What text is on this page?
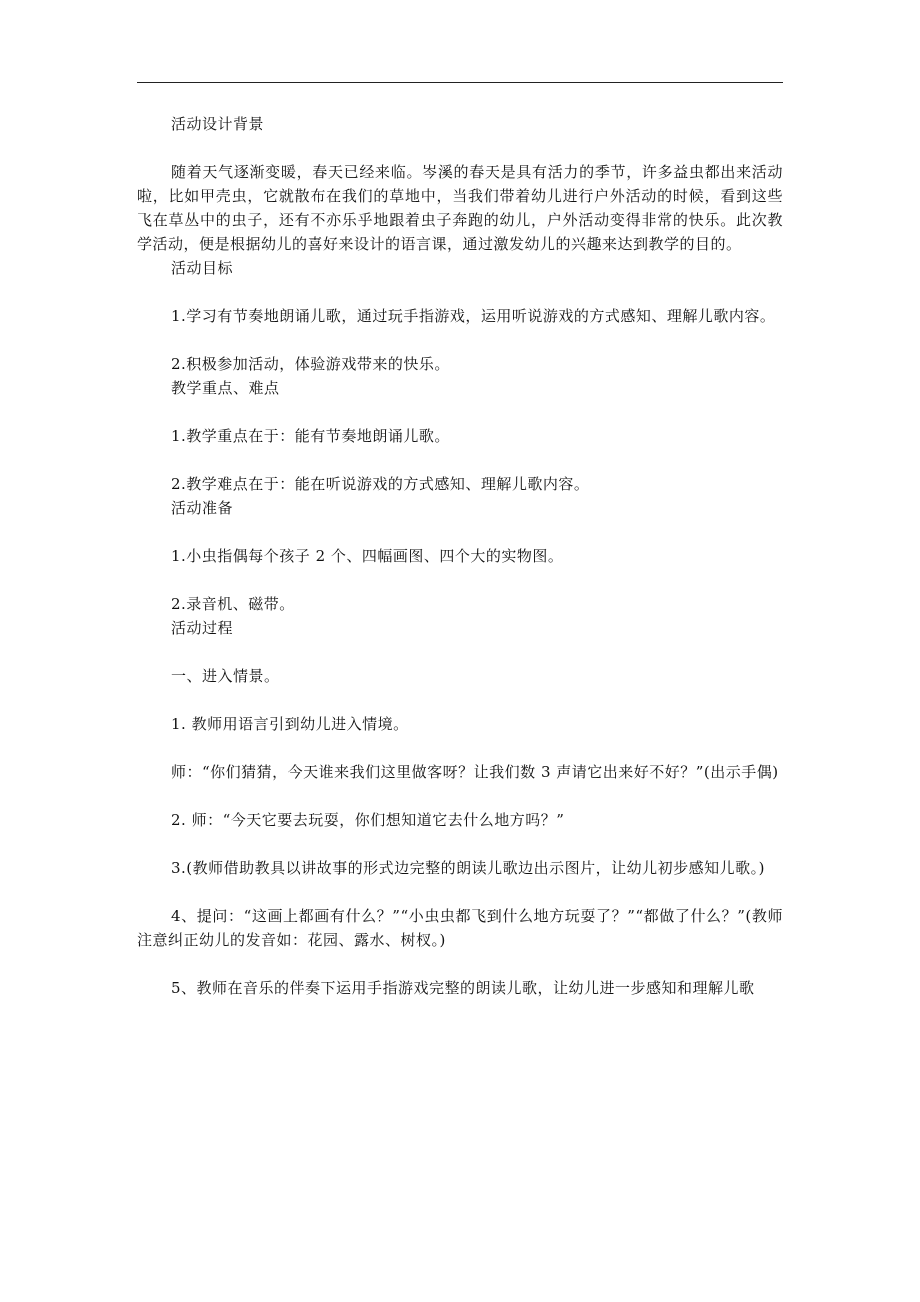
活动设计背景

随着天气逐渐变暖，春天已经来临。岑溪的春天是具有活力的季节，许多益虫都出来活动啦，比如甲壳虫，它就散布在我们的草地中，当我们带着幼儿进行户外活动的时候，看到这些飞在草丛中的虫子，还有不亦乐乎地跟着虫子奔跑的幼儿，户外活动变得非常的快乐。此次教学活动，便是根据幼儿的喜好来设计的语言课，通过激发幼儿的兴趣来达到教学的目的。

活动目标

1.学习有节奏地朗诵儿歌，通过玩手指游戏，运用听说游戏的方式感知、理解儿歌内容。

2.积极参加活动，体验游戏带来的快乐。

教学重点、难点

1.教学重点在于：能有节奏地朗诵儿歌。

2.教学难点在于：能在听说游戏的方式感知、理解儿歌内容。

活动准备

1.小虫指偶每个孩子 2 个、四幅画图、四个大的实物图。

2.录音机、磁带。

活动过程

一、进入情景。

1. 教师用语言引到幼儿进入情境。

师：“你们猜猜，今天谁来我们这里做客呀？让我们数 3 声请它出来好不好？”(出示手偶)

2. 师：“今天它要去玩耍，你们想知道它去什么地方吗？”

3.(教师借助教具以讲故事的形式边完整的朗读儿歌边出示图片，让幼儿初步感知儿歌。)

4、提问：“这画上都画有什么？”“小虫虫都飞到什么地方玩耍了？”“都做了什么？”(教师注意纠正幼儿的发音如：花园、露水、树杈。)

5、教师在音乐的伴奏下运用手指游戏完整的朗读儿歌，让幼儿进一步感知和理解儿歌
